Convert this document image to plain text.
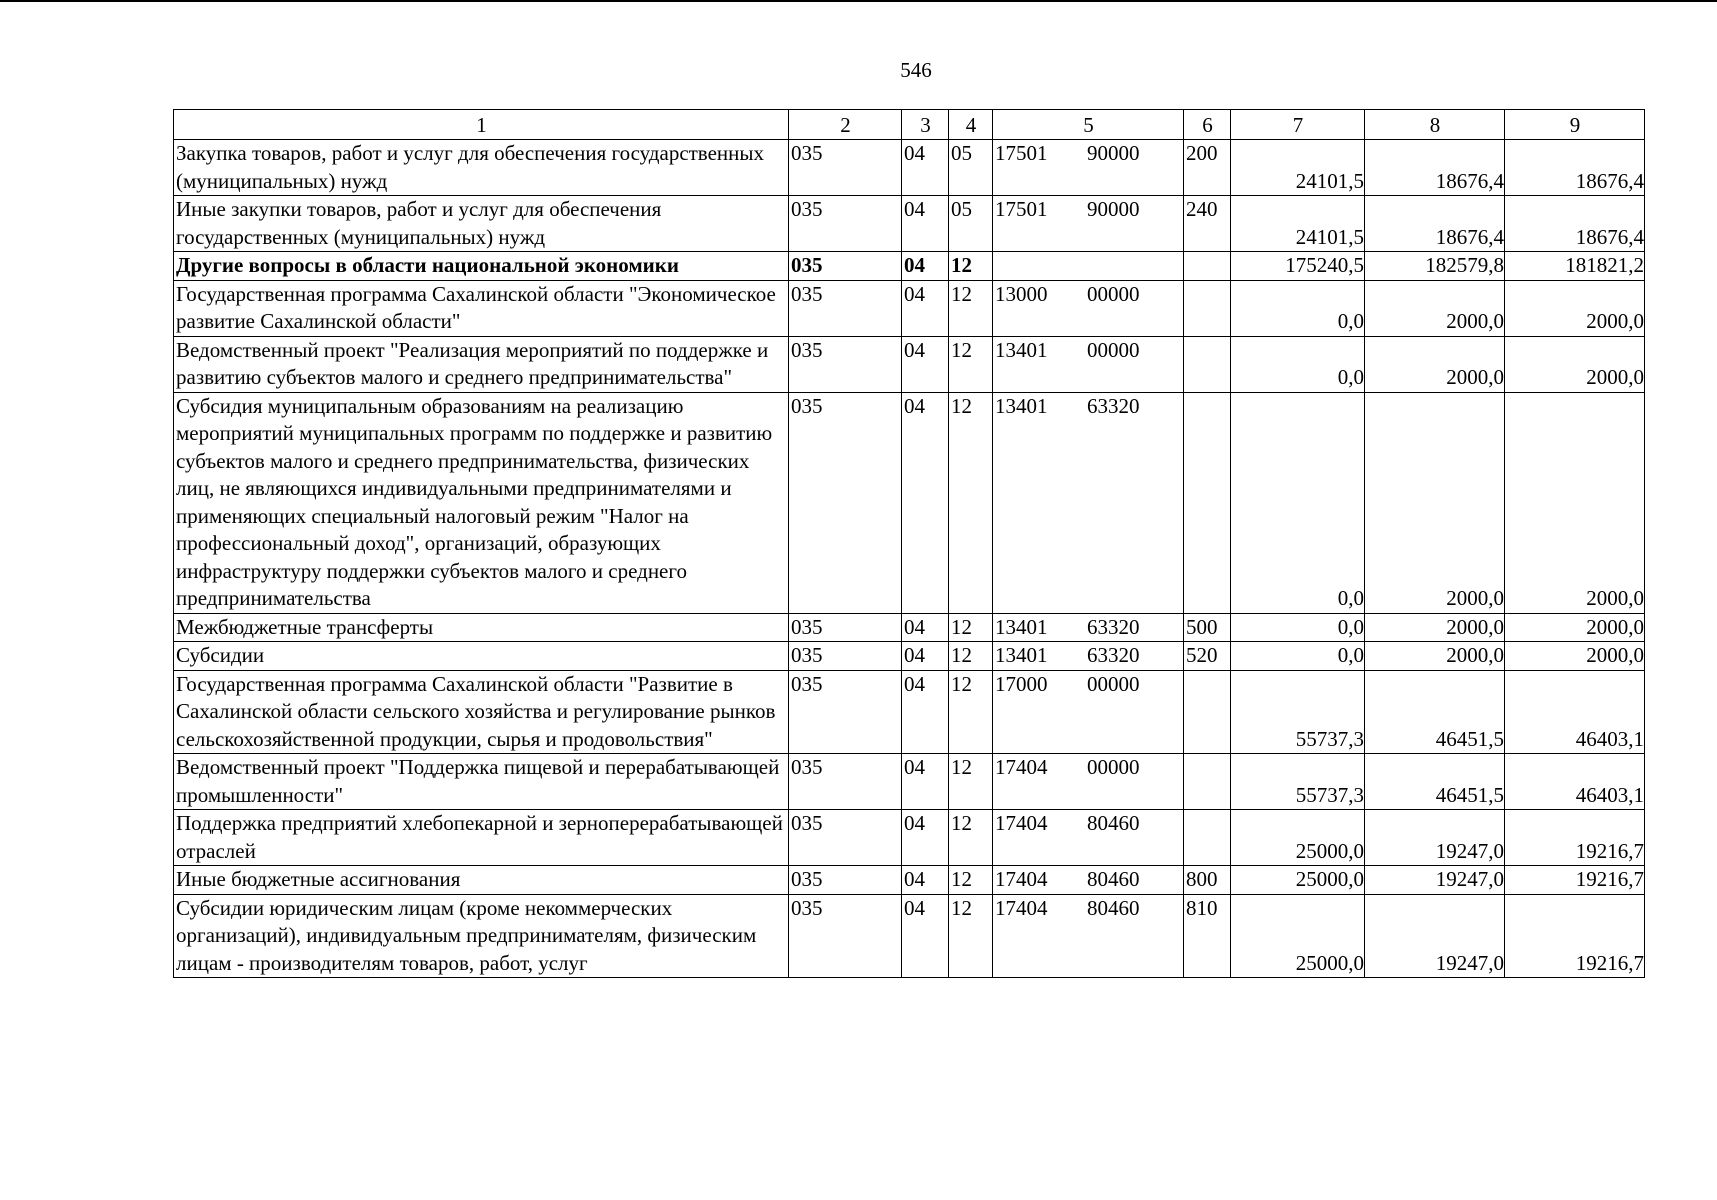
546
1	2	3	4	5	6	7	8	9
Закупка товаров, работ и услуг для обеспечения государственных (муниципальных) нужд	035	04	05	17501 90000	200	24101,5	18676,4	18676,4
Иные закупки товаров, работ и услуг для обеспечения государственных (муниципальных) нужд	035	04	05	17501 90000	240	24101,5	18676,4	18676,4
Другие вопросы в области национальной экономики	035	04	12			175240,5	182579,8	181821,2
Государственная программа Сахалинской области "Экономическое развитие Сахалинской области"	035	04	12	13000 00000		0,0	2000,0	2000,0
Ведомственный проект "Реализация мероприятий по поддержке и развитию субъектов малого и среднего предпринимательства"	035	04	12	13401 00000		0,0	2000,0	2000,0
Субсидия муниципальным образованиям на реализацию мероприятий муниципальных программ по поддержке и развитию субъектов малого и среднего предпринимательства, физических лиц, не являющихся индивидуальными предпринимателями и применяющих специальный налоговый режим "Налог на профессиональный доход", организаций, образующих инфраструктуру поддержки субъектов малого и среднего предпринимательства	035	04	12	13401 63320		0,0	2000,0	2000,0
Межбюджетные трансферты	035	04	12	13401 63320	500	0,0	2000,0	2000,0
Субсидии	035	04	12	13401 63320	520	0,0	2000,0	2000,0
Государственная программа Сахалинской области "Развитие в Сахалинской области сельского хозяйства и регулирование рынков сельскохозяйственной продукции, сырья и продовольствия"	035	04	12	17000 00000		55737,3	46451,5	46403,1
Ведомственный проект "Поддержка пищевой и перерабатывающей промышленности"	035	04	12	17404 00000		55737,3	46451,5	46403,1
Поддержка предприятий хлебопекарной и зерноперерабатывающей отраслей	035	04	12	17404 80460		25000,0	19247,0	19216,7
Иные бюджетные ассигнования	035	04	12	17404 80460	800	25000,0	19247,0	19216,7
Субсидии юридическим лицам (кроме некоммерческих организаций), индивидуальным предпринимателям, физическим лицам - производителям товаров, работ, услуг	035	04	12	17404 80460	810	25000,0	19247,0	19216,7
